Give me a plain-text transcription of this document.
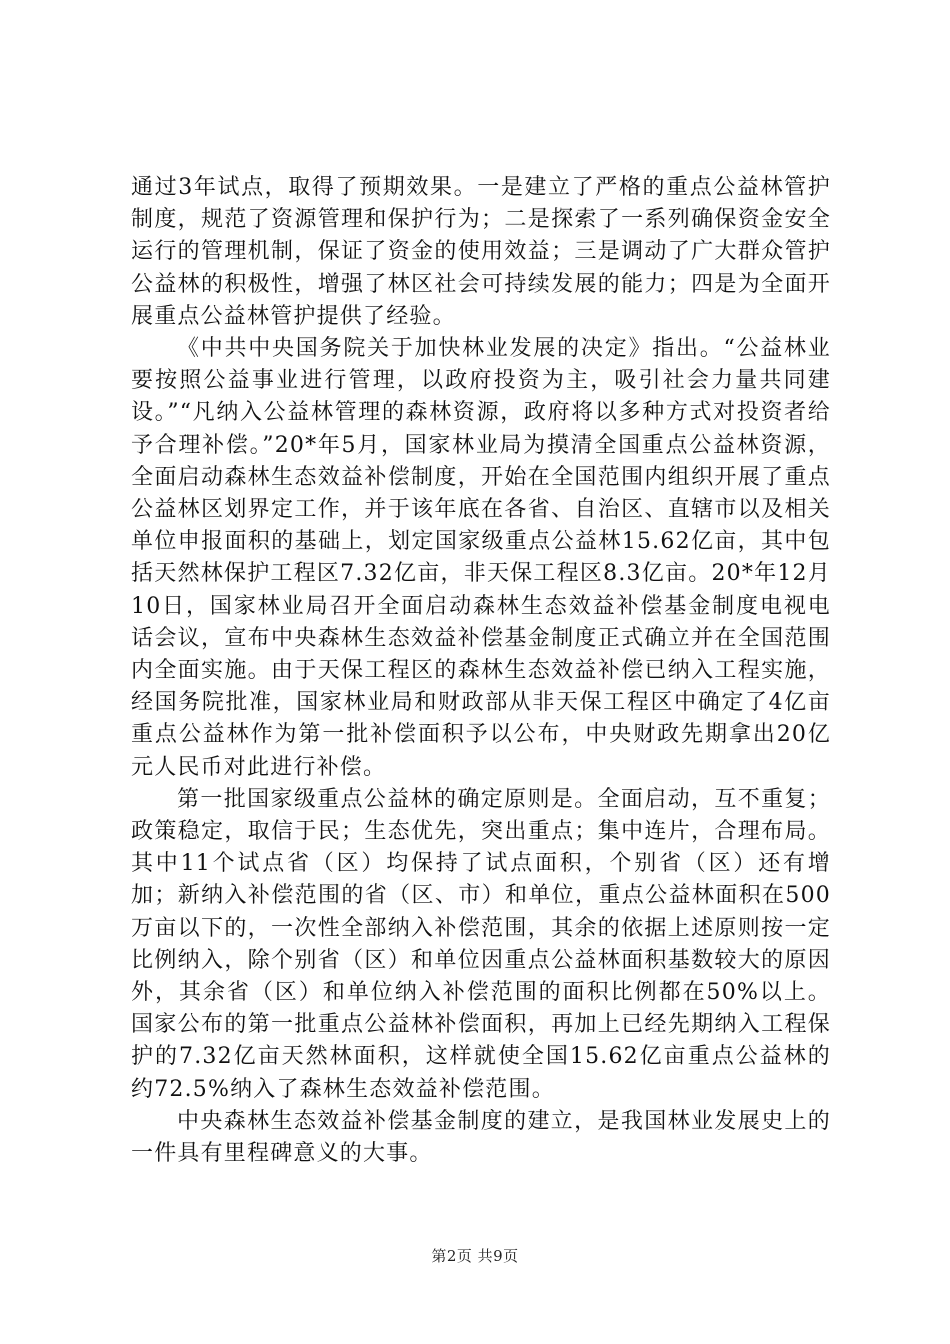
通过3年试点，取得了预期效果。一是建立了严格的重点公益林管护制度，规范了资源管理和保护行为；二是探索了一系列确保资金安全运行的管理机制，保证了资金的使用效益；三是调动了广大群众管护公益林的积极性，增强了林区社会可持续发展的能力；四是为全面开展重点公益林管护提供了经验。

《中共中央国务院关于加快林业发展的决定》指出。“公益林业要按照公益事业进行管理，以政府投资为主，吸引社会力量共同建设。”“凡纳入公益林管理的森林资源，政府将以多种方式对投资者给予合理补偿。”20*年5月，国家林业局为摸清全国重点公益林资源，全面启动森林生态效益补偿制度，开始在全国范围内组织开展了重点公益林区划界定工作，并于该年底在各省、自治区、直辖市以及相关单位申报面积的基础上，划定国家级重点公益林15.62亿亩，其中包括天然林保护工程区7.32亿亩，非天保工程区8.3亿亩。20*年12月10日，国家林业局召开全面启动森林生态效益补偿基金制度电视电话会议，宣布中央森林生态效益补偿基金制度正式确立并在全国范围内全面实施。由于天保工程区的森林生态效益补偿已纳入工程实施，经国务院批准，国家林业局和财政部从非天保工程区中确定了4亿亩重点公益林作为第一批补偿面积予以公布，中央财政先期拿出20亿元人民币对此进行补偿。

第一批国家级重点公益林的确定原则是。全面启动，互不重复；政策稳定，取信于民；生态优先，突出重点；集中连片，合理布局。其中11个试点省（区）均保持了试点面积，个别省（区）还有增加；新纳入补偿范围的省（区、市）和单位，重点公益林面积在500万亩以下的，一次性全部纳入补偿范围，其余的依据上述原则按一定比例纳入，除个别省（区）和单位因重点公益林面积基数较大的原因外，其余省（区）和单位纳入补偿范围的面积比例都在50%以上。国家公布的第一批重点公益林补偿面积，再加上已经先期纳入工程保护的7.32亿亩天然林面积，这样就使全国15.62亿亩重点公益林的约72.5%纳入了森林生态效益补偿范围。

中央森林生态效益补偿基金制度的建立，是我国林业发展史上的一件具有里程碑意义的大事。

第2页 共9页
